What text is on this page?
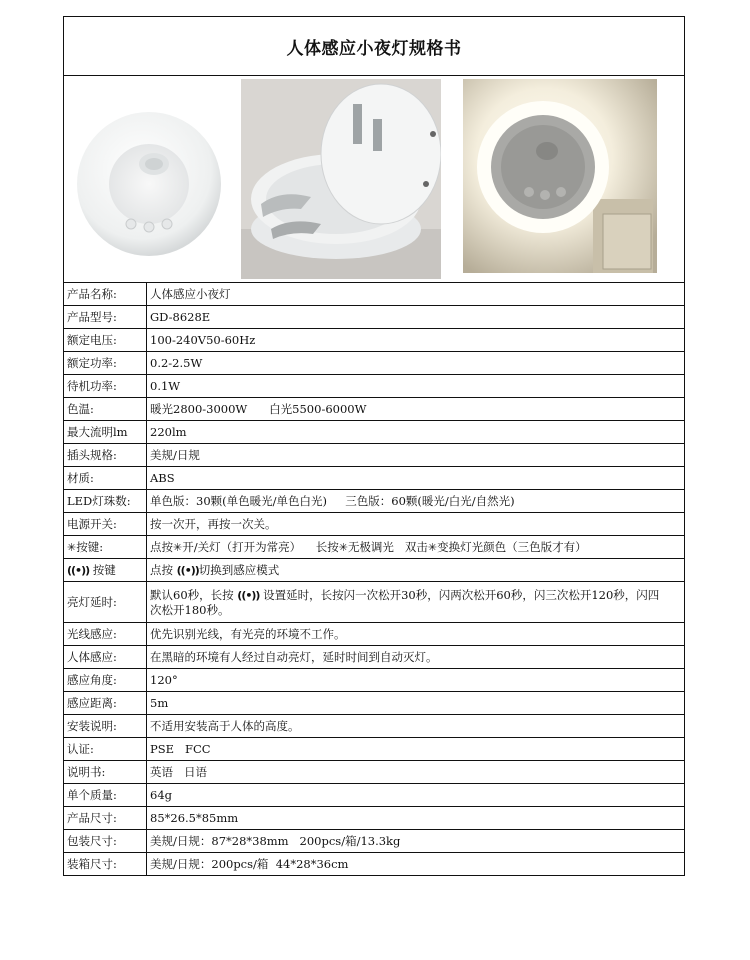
人体感应小夜灯规格书
产品名称:	人体感应小夜灯
产品型号:	GD-8628E
额定电压:	100-240V50-60Hz
额定功率:	0.2-2.5W
待机功率:	0.1W
色温:	暖光2800-3000W      白光5500-6000W
最大流明lm	220lm
插头规格:	美规/日规
材质:	ABS
LED灯珠数:	单色版：30颗(单色暖光/单色白光)     三色版：60颗(暖光/白光/自然光)
电源开关:	按一次开，再按一次关。
✳按键:	点按✳开/关灯（打开为常亮）    长按✳无极调光   双击✳变换灯光颜色（三色版才有）
((•)) 按键	点按 ((•))切换到感应模式
亮灯延时:	默认60秒，长按 ((•)) 设置延时，长按闪一次松开30秒，闪两次松开60秒，闪三次松开120秒，闪四次松开180秒。
光线感应:	优先识别光线，有光亮的环境不工作。
人体感应:	在黑暗的环境有人经过自动亮灯，延时时间到自动灭灯。
感应角度:	120°
感应距离:	5m
安装说明:	不适用安装高于人体的高度。
认证:	PSE   FCC
说明书:	英语   日语
单个质量:	64g
产品尺寸:	85*26.5*85mm
包装尺寸:	美规/日规：87*28*38mm   200pcs/箱/13.3kg
装箱尺寸:	美规/日规：200pcs/箱  44*28*36cm
